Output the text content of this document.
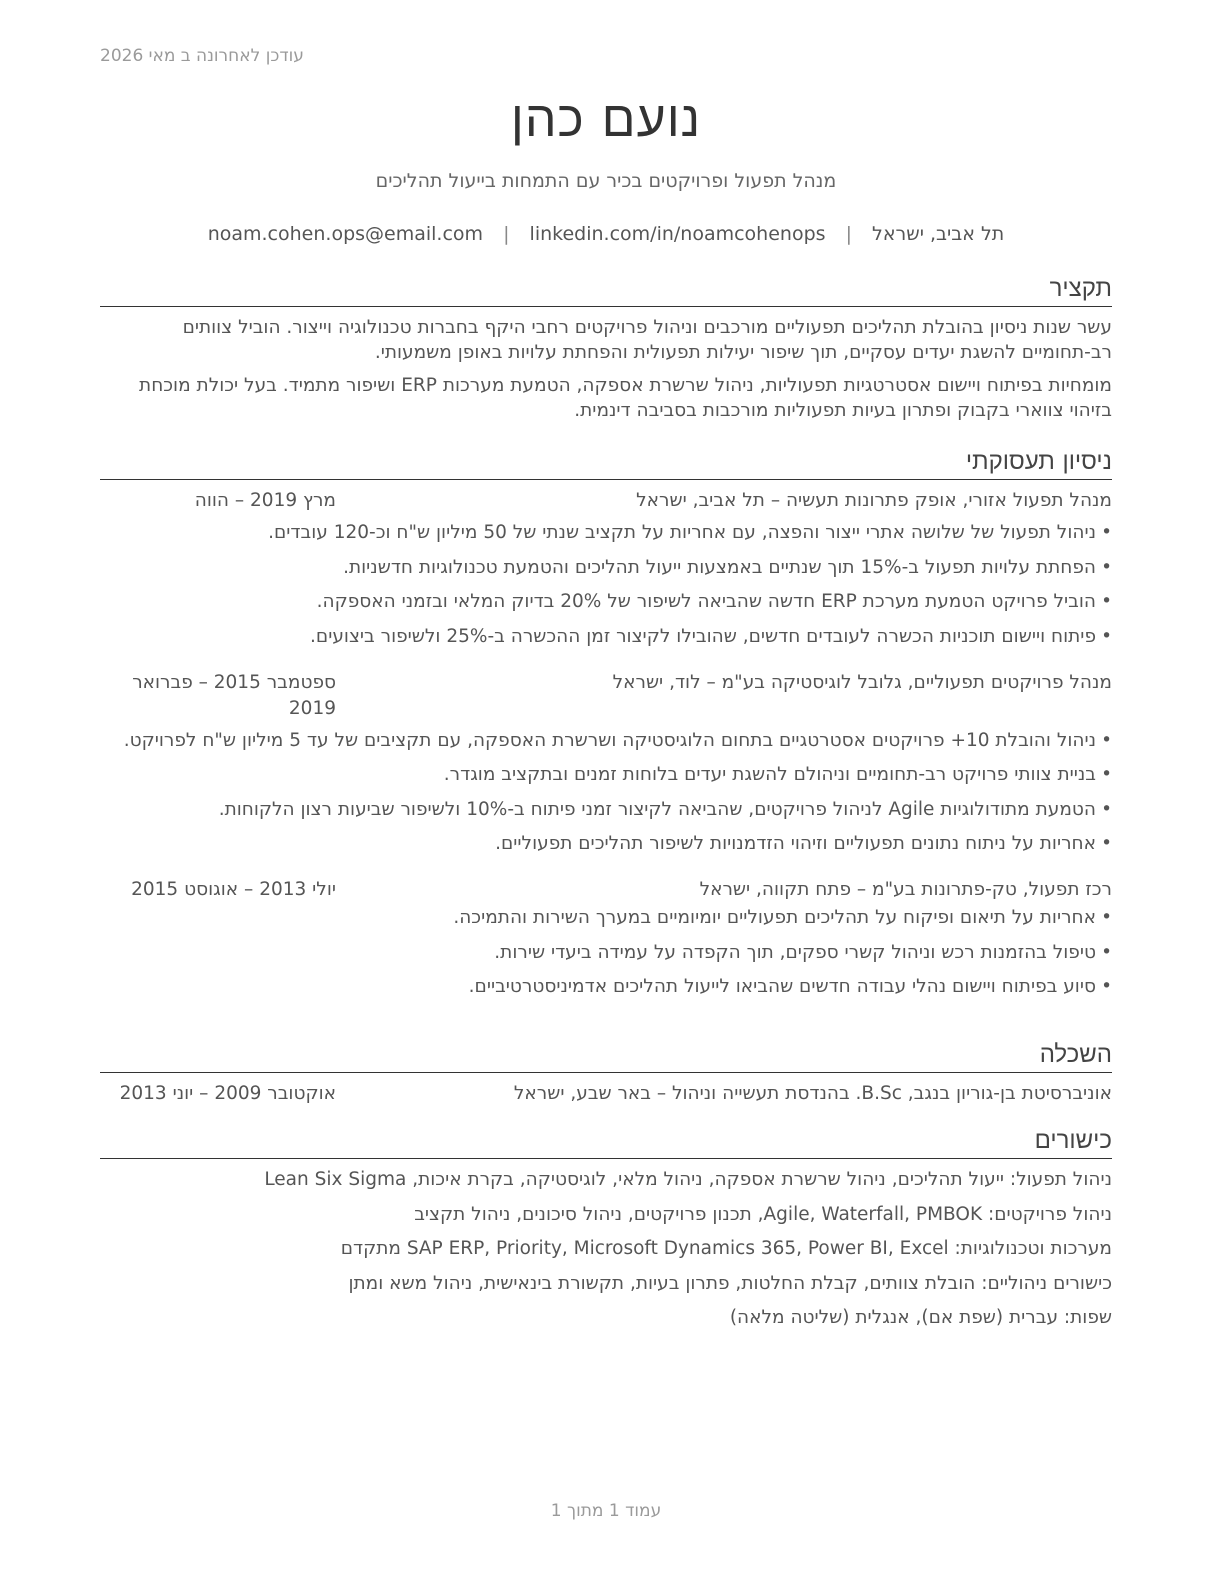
עודכן לאחרונה ב מאי 2026
נועם כהן
מנהל תפעול ופרויקטים בכיר עם התמחות בייעול תהליכים
תל אביב, ישראל | noam.cohen.ops@email.com | linkedin.com/in/noamcohenops
תקציר

עשר שנות ניסיון בהובלת תהליכים תפעוליים מורכבים וניהול פרויקטים רחבי היקף בחברות טכנולוגיה וייצור. הוביל צוותים רב-תחומיים להשגת יעדים עסקיים, תוך שיפור יעילות תפעולית והפחתת עלויות באופן משמעותי.

מומחיות בפיתוח ויישום אסטרטגיות תפעוליות, ניהול שרשרת אספקה, הטמעת מערכות ERP ושיפור מתמיד. בעל יכולת מוכחת בזיהוי צווארי בקבוק ופתרון בעיות תפעוליות מורכבות בסביבה דינמית.

ניסיון תעסוקתי
מנהל תפעול אזורי, אופק פתרונות תעשיה – תל אביב, ישראל
מרץ 2019 – הווה
• ניהול תפעול של שלושה אתרי ייצור והפצה, עם אחריות על תקציב שנתי של 50 מיליון ש"ח וכ-120 עובדים.
• הפחתת עלויות תפעול ב-15% תוך שנתיים באמצעות ייעול תהליכים והטמעת טכנולוגיות חדשניות.
• הוביל פרויקט הטמעת מערכת ERP חדשה שהביאה לשיפור של 20% בדיוק המלאי ובזמני האספקה.
• פיתוח ויישום תוכניות הכשרה לעובדים חדשים, שהובילו לקיצור זמן ההכשרה ב-25% ולשיפור ביצועים.
מנהל פרויקטים תפעוליים, גלובל לוגיסטיקה בע"מ – לוד, ישראל
ספטמבר 2015 – פברואר 2019
• ניהול והובלת 10+ פרויקטים אסטרטגיים בתחום הלוגיסטיקה ושרשרת האספקה, עם תקציבים של עד 5 מיליון ש"ח לפרויקט.
• בניית צוותי פרויקט רב-תחומיים וניהולם להשגת יעדים בלוחות זמנים ובתקציב מוגדר.
• הטמעת מתודולוגיות Agile לניהול פרויקטים, שהביאה לקיצור זמני פיתוח ב-10% ולשיפור שביעות רצון הלקוחות.
• אחריות על ניתוח נתונים תפעוליים וזיהוי הזדמנויות לשיפור תהליכים תפעוליים.
רכז תפעול, טק-פתרונות בע"מ – פתח תקווה, ישראל
יולי 2013 – אוגוסט 2015
• אחריות על תיאום ופיקוח על תהליכים תפעוליים יומיומיים במערך השירות והתמיכה.
• טיפול בהזמנות רכש וניהול קשרי ספקים, תוך הקפדה על עמידה ביעדי שירות.
• סיוע בפיתוח ויישום נהלי עבודה חדשים שהביאו לייעול תהליכים אדמיניסטרטיביים.
השכלה
אוניברסיטת בן-גוריון בנגב, B.Sc. בהנדסת תעשייה וניהול – באר שבע, ישראל
אוקטובר 2009 – יוני 2013
כישורים
ניהול תפעול: ייעול תהליכים, ניהול שרשרת אספקה, ניהול מלאי, לוגיסטיקה, בקרת איכות, Lean Six Sigma
ניהול פרויקטים: Agile, Waterfall, PMBOK, תכנון פרויקטים, ניהול סיכונים, ניהול תקציב
מערכות וטכנולוגיות: SAP ERP, Priority, Microsoft Dynamics 365, Power BI, Excel מתקדם
כישורים ניהוליים: הובלת צוותים, קבלת החלטות, פתרון בעיות, תקשורת בינאישית, ניהול משא ומתן
שפות: עברית (שפת אם), אנגלית (שליטה מלאה)
עמוד 1 מתוך 1
